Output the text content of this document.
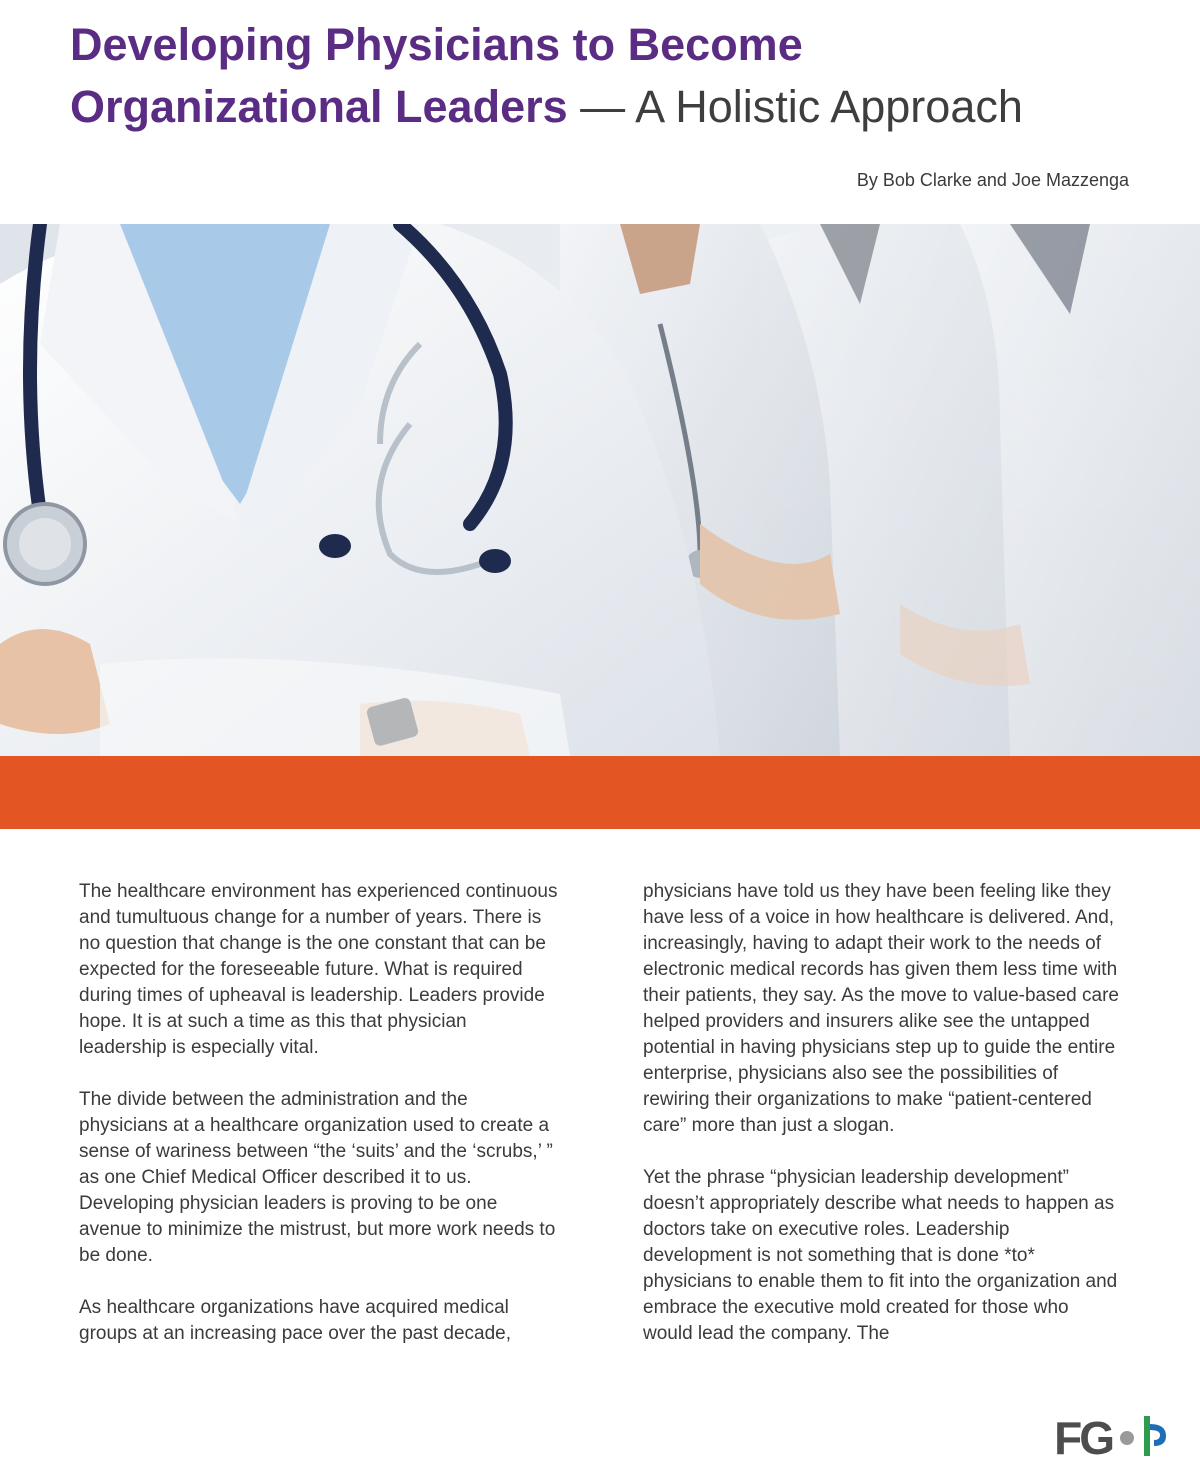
Developing Physicians to Become
Organizational Leaders — A Holistic Approach
By Bob Clarke and Joe Mazzenga

The healthcare environment has experienced continuous and tumultuous change for a number of years. There is no question that change is the one constant that can be expected for the foreseeable future. What is required during times of upheaval is leadership. Leaders provide hope. It is at such a time as this that physician leadership is especially vital.

The divide between the administration and the physicians at a healthcare organization used to create a sense of wariness between “the ‘suits’ and the ‘scrubs,’ ” as one Chief Medical Officer described it to us. Developing physician leaders is proving to be one avenue to minimize the mistrust, but more work needs to be done.

As healthcare organizations have acquired medical groups at an increasing pace over the past decade,

physicians have told us they have been feeling like they have less of a voice in how healthcare is delivered. And, increasingly, having to adapt their work to the needs of electronic medical records has given them less time with their patients, they say. As the move to value-based care helped providers and insurers alike see the untapped potential in having physicians step up to guide the entire enterprise, physicians also see the possibilities of rewiring their organizations to make “patient-centered care” more than just a slogan.

Yet the phrase “physician leadership development” doesn’t appropriately describe what needs to happen as doctors take on executive roles. Leadership development is not something that is done *to* physicians to enable them to fit into the organization and embrace the executive mold created for those who would lead the company. The

FG
